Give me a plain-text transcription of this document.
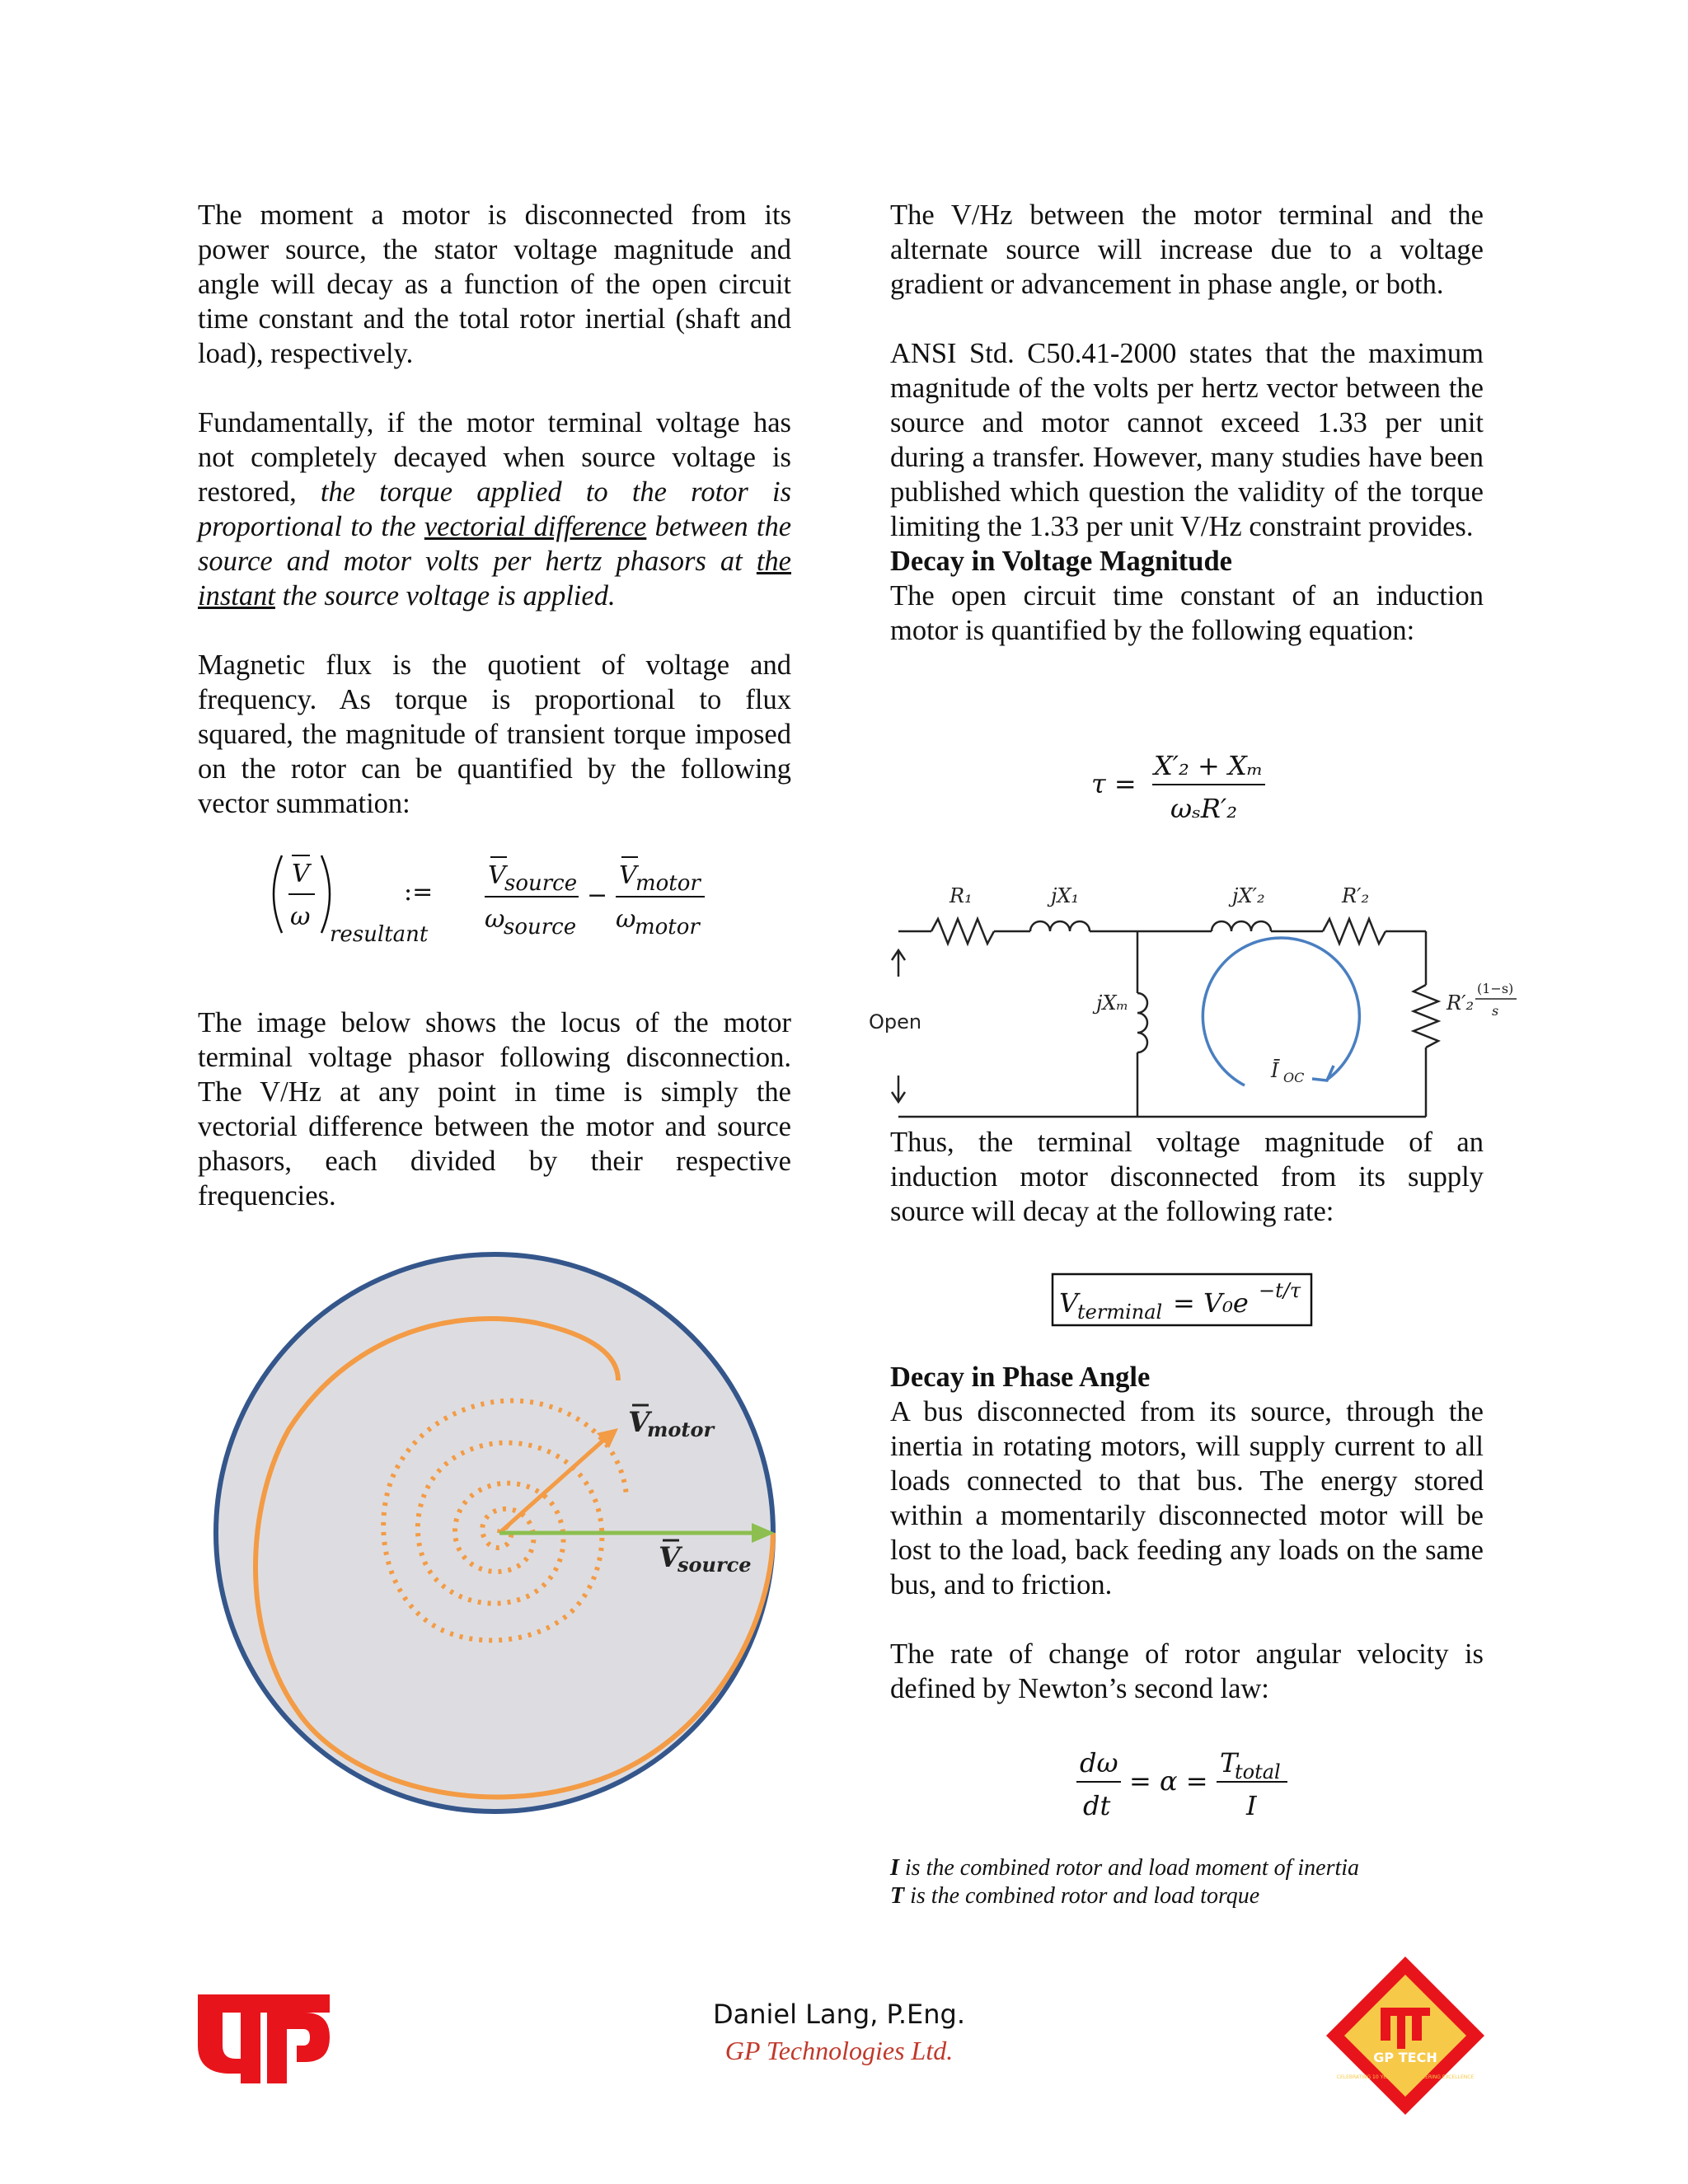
The moment a motor is disconnected from its power source, the stator voltage magnitude and angle will decay as a function of the open circuit time constant and the total rotor inertial (shaft and load), respectively.

Fundamentally, if the motor terminal voltage has not completely decayed when source voltage is restored, the torque applied to the rotor is proportional to the vectorial difference between the source and motor volts per hertz phasors at the instant the source voltage is applied.

Magnetic flux is the quotient of voltage and frequency. As torque is proportional to flux squared, the magnitude of transient torque imposed on the rotor can be quantified by the following vector summation:

V
ω
resultant
:=
V
source
ω
source
−
V
motor
ω
motor

The image below shows the locus of the motor terminal voltage phasor following disconnection. The V/Hz at any point in time is simply the vectorial difference between the motor and source phasors, each divided by their respective frequencies.

V
motor
V
source

The V/Hz between the motor terminal and the alternate source will increase due to a voltage gradient or advancement in phase angle, or both.

ANSI Std. C50.41-2000 states that the maximum magnitude of the volts per hertz vector between the source and motor cannot exceed 1.33 per unit during a transfer. However, many studies have been published which question the validity of the torque limiting the 1.33 per unit V/Hz constraint provides.

Decay in Voltage Magnitude

The open circuit time constant of an induction motor is quantified by the following equation:

τ =
X′₂ + Xₘ
ωₛR′₂
R₁	jX₁	jX′₂	R′₂
jXₘ	R′₂
(1−s)
s
Ī OC
Open

Thus, the terminal voltage magnitude of an induction motor disconnected from its supply source will decay at the following rate:

V
terminal = V₀e −t/τ

Decay in Phase Angle

A bus disconnected from its source, through the inertia in rotating motors, will supply current to all loads connected to that bus. The energy stored within a momentarily disconnected motor will be lost to the load, back feeding any loads on the same bus, and to friction.

The rate of change of rotor angular velocity is defined by Newton’s second law:

dω
dt
= α =
T
total
I
I is the combined rotor and load moment of inertia
T is the combined rotor and load torque
Daniel Lang, P.Eng.
GP Technologies Ltd.	GP TECH
CELEBRATING 10 YEARS OF ENGINEERING EXCELLENCE
